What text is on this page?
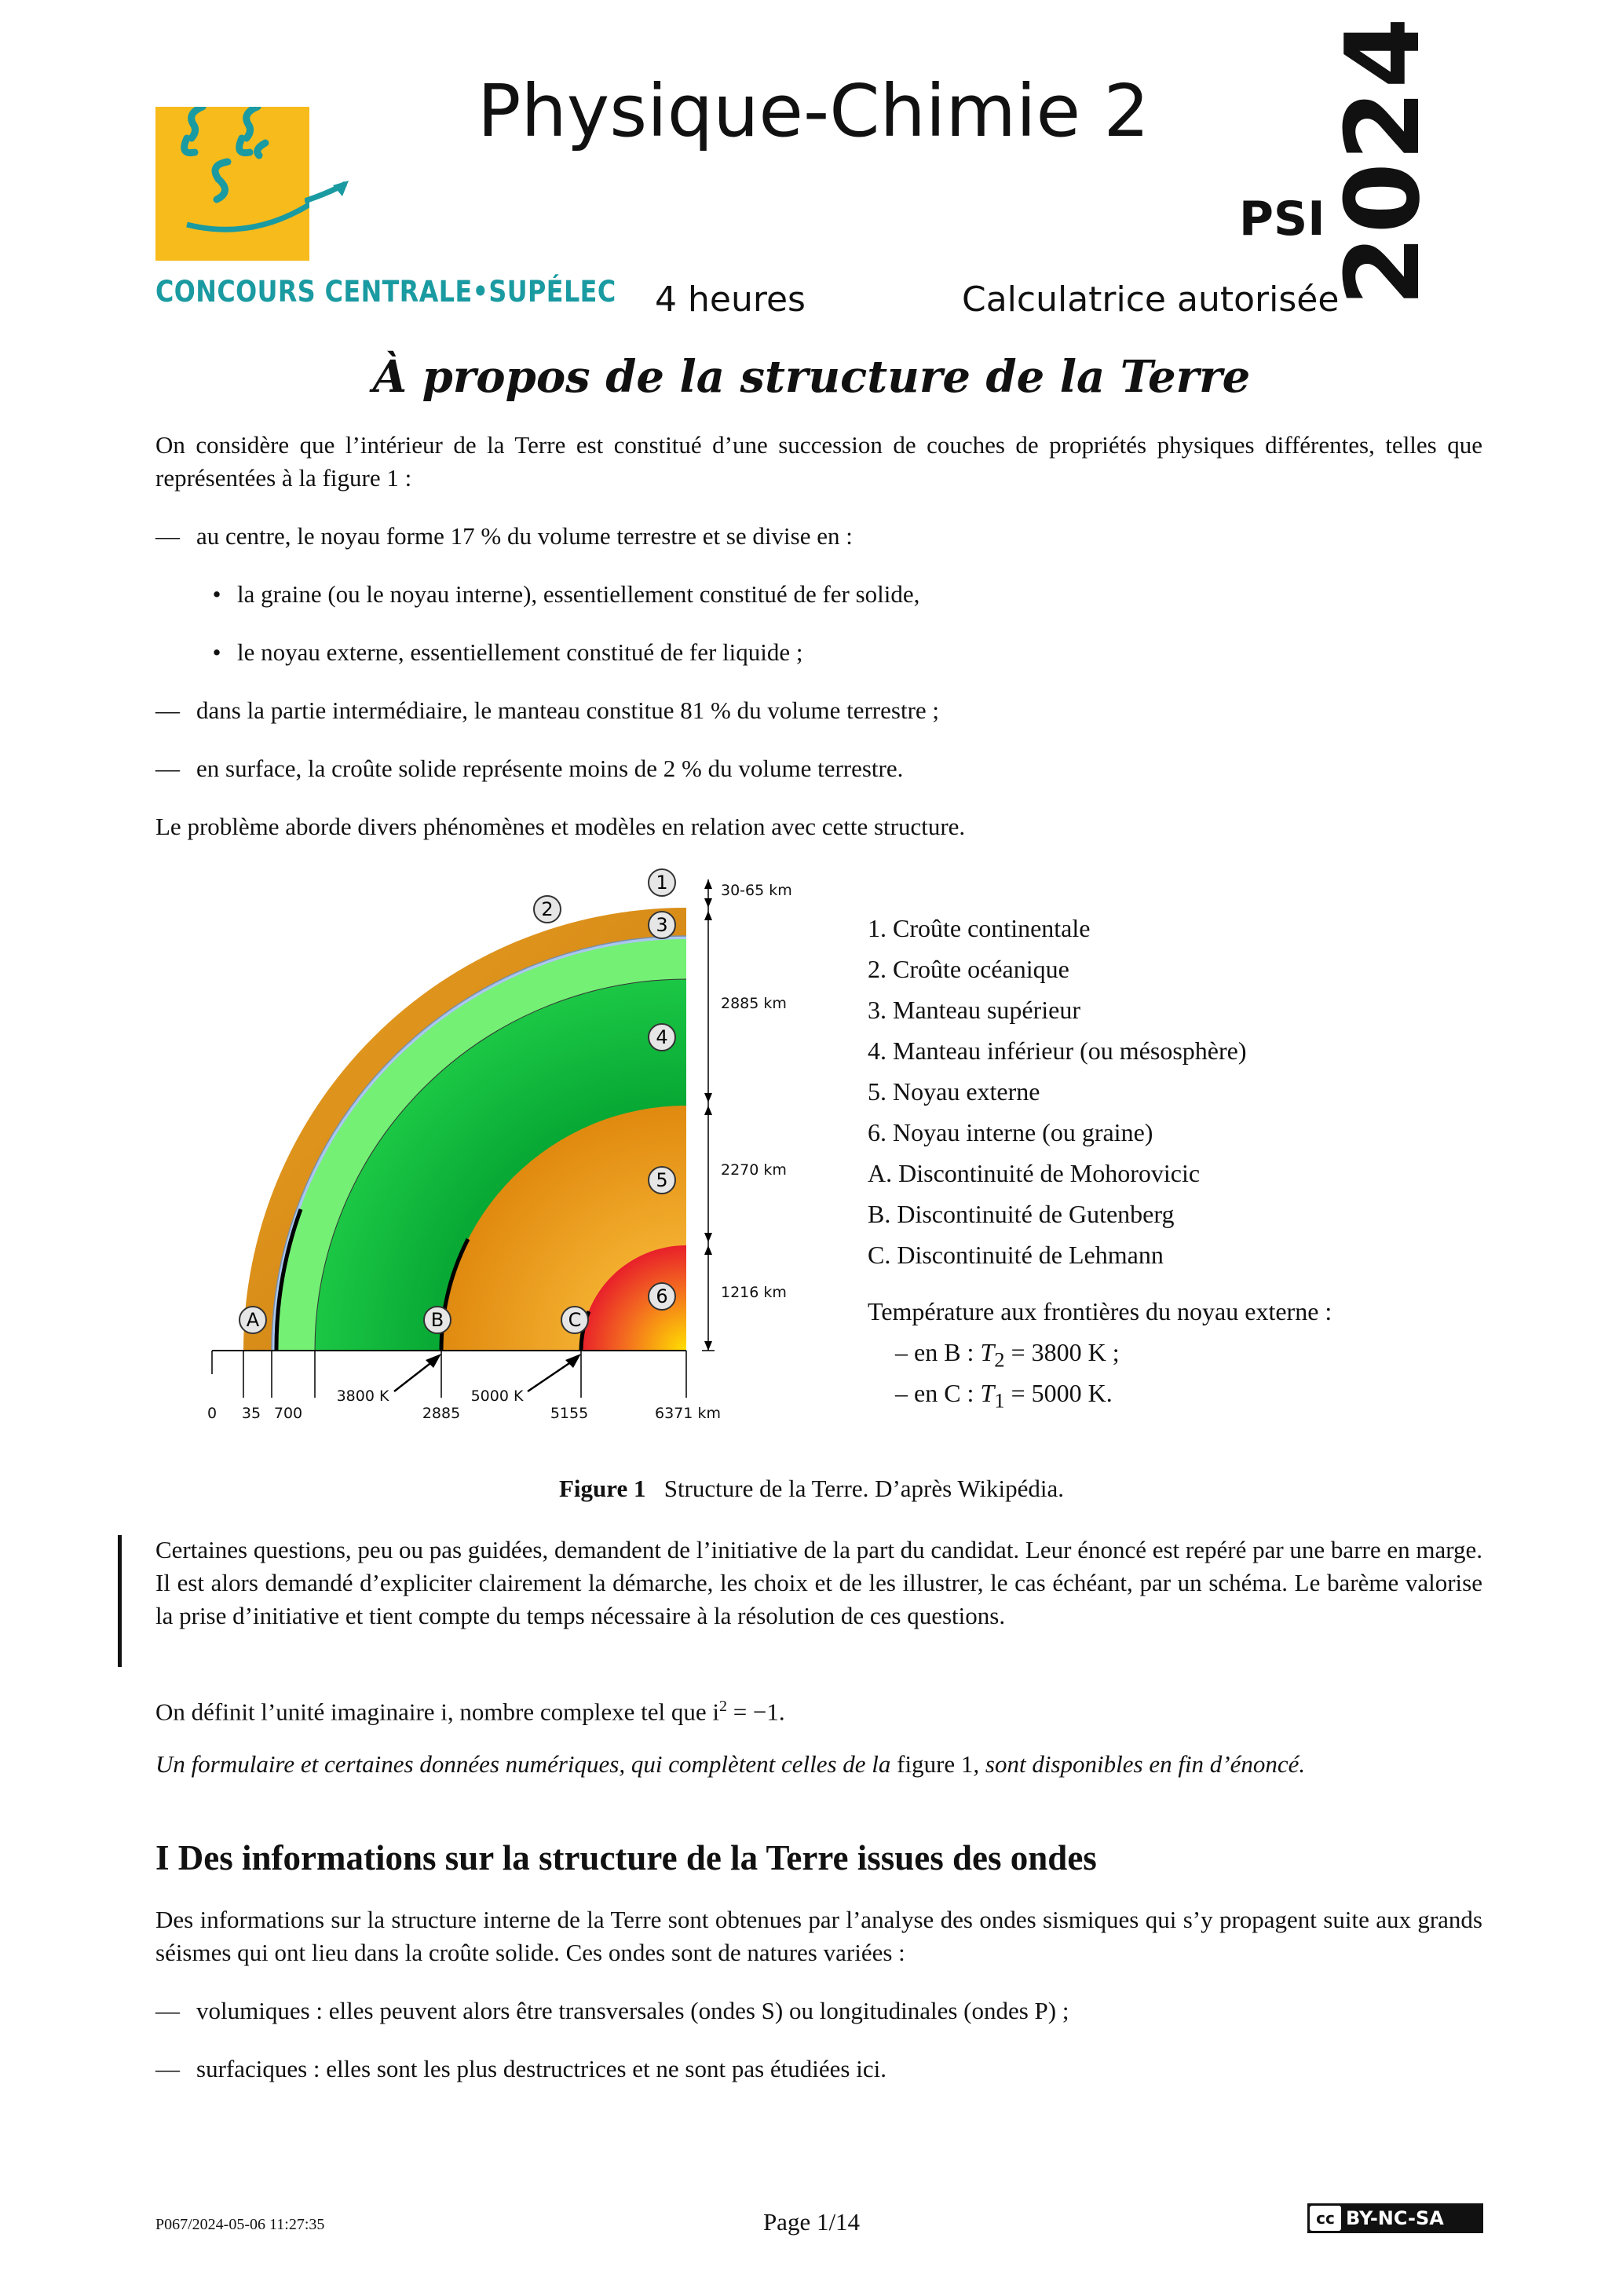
CONCOURS CENTRALE•SUPÉLEC
Physique-Chimie 2
PSI
4 heures	Calculatrice autorisée
2024
À propos de la structure de la Terre
On considère que l’intérieur de la Terre est constitué d’une succession de couches de propriétés physiques différentes, telles que représentées à la figure 1 :
— au centre, le noyau forme 17 % du volume terrestre et se divise en :
• la graine (ou le noyau interne), essentiellement constitué de fer solide,
• le noyau externe, essentiellement constitué de fer liquide ;
— dans la partie intermédiaire, le manteau constitue 81 % du volume terrestre ;
— en surface, la croûte solide représente moins de 2 % du volume terrestre.
Le problème aborde divers phénomènes et modèles en relation avec cette structure.
0 35 700	2885	5155	6371 km
3800 K	5000 K
30-65 km
2885 km
2270 km
1216 km
1
2
3
4
5
6
A	B	C
1. Croûte continentale
2. Croûte océanique
3. Manteau supérieur
4. Manteau inférieur (ou mésosphère)
5. Noyau externe
6. Noyau interne (ou graine)
A. Discontinuité de Mohorovicic
B. Discontinuité de Gutenberg
C. Discontinuité de Lehmann
Température aux frontières du noyau externe :
– en B : $T_2 = 3800$ K ;
– en C : $T_1 = 5000$ K.
Figure 1 Structure de la Terre. D’après Wikipédia.
Certaines questions, peu ou pas guidées, demandent de l’initiative de la part du candidat. Leur énoncé est repéré par une barre en marge. Il est alors demandé d’expliciter clairement la démarche, les choix et de les illustrer, le cas échéant, par un schéma. Le barème valorise la prise d’initiative et tient compte du temps nécessaire à la résolution de ces questions.
On définit l’unité imaginaire i, nombre complexe tel que $i^2 = -1$.
Un formulaire et certaines données numériques, qui complètent celles de la figure 1, sont disponibles en fin d’énoncé.
I Des informations sur la structure de la Terre issues des ondes
Des informations sur la structure interne de la Terre sont obtenues par l’analyse des ondes sismiques qui s’y propagent suite aux grands séismes qui ont lieu dans la croûte solide. Ces ondes sont de natures variées :
— volumiques : elles peuvent alors être transversales (ondes S) ou longitudinales (ondes P) ;
— surfaciques : elles sont les plus destructrices et ne sont pas étudiées ici.
P067/2024-05-06 11:27:35	Page 1/14	cc BY-NC-SA
